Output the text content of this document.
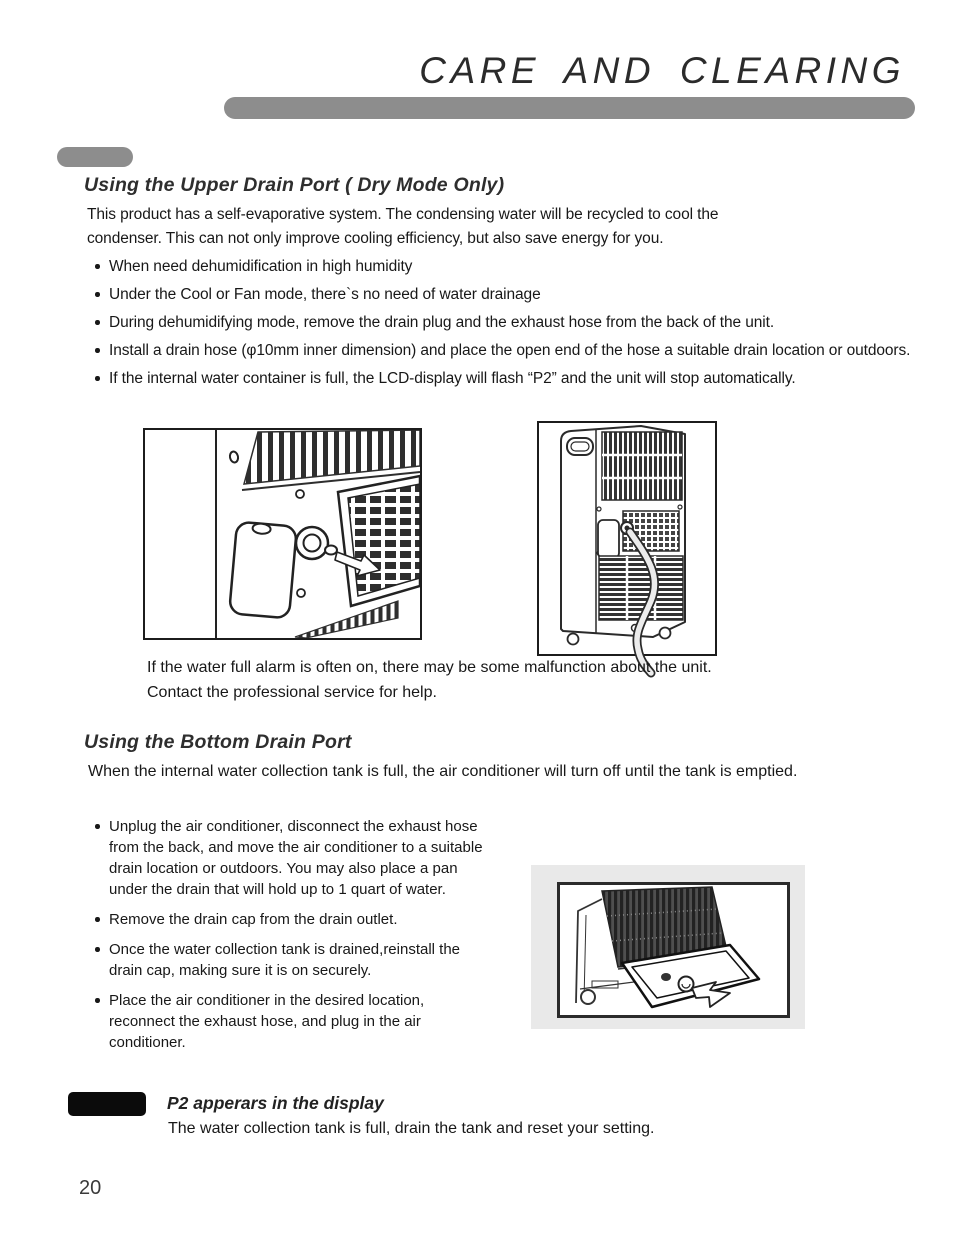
CARE AND CLEARING
Using the Upper Drain Port ( Dry Mode Only)

This product has a self-evaporative system. The condensing water will be recycled to cool the condenser. This can not only improve cooling efficiency, but also save energy for you.

When need dehumidification in high humidity
Under the Cool or Fan mode, there`s no need of water drainage
During dehumidifying mode, remove the drain plug and the exhaust hose from the back of the unit.
Install a drain hose (φ10mm inner dimension) and place the open end of the hose a suitable drain location or outdoors.
If the internal water container is full, the LCD-display will flash “P2” and the unit will stop automatically.

If the water full alarm is often on, there may be some malfunction about the unit.
Contact the professional service for help.

Using the Bottom Drain Port

When the internal water collection tank is full, the air conditioner will turn off until the tank is emptied.

Unplug the air conditioner, disconnect the exhaust hose from the back, and move the air conditioner to a suitable drain location or outdoors. You may also place a pan under the drain that will hold up to 1 quart of water.
Remove the drain cap from the drain outlet.
Once the water collection tank is drained,reinstall the drain cap, making sure it is on securely.
Place the air conditioner in the desired location, reconnect the exhaust hose, and plug in the air conditioner.
P2 apperars in the display

The water collection tank is full, drain the tank and reset your setting.

20
